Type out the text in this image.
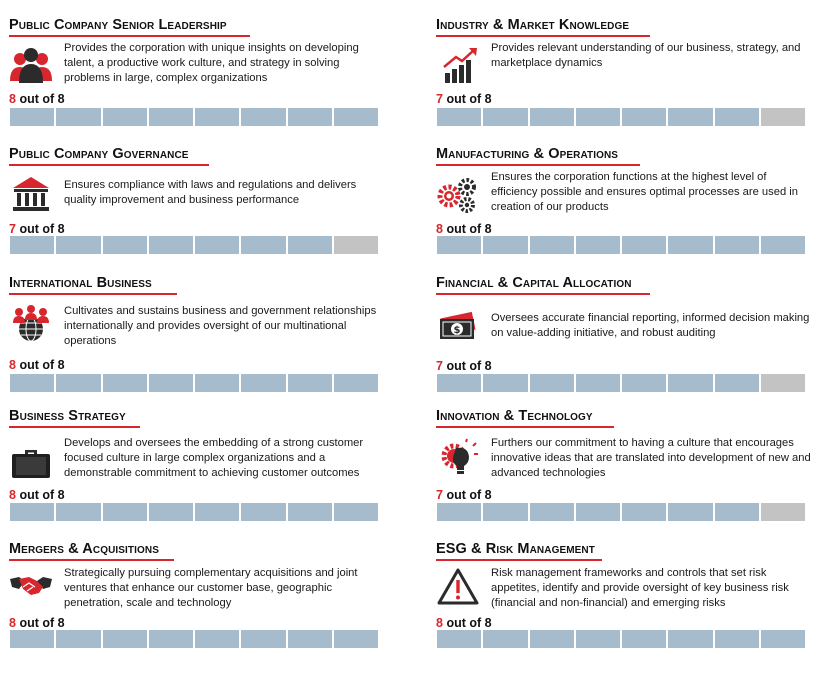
Public Company Senior Leadership
Provides the corporation with unique insights on developing talent, a productive work culture, and strategy in solving problems in large, complex organizations
8 out of 8
Industry & Market Knowledge
Provides relevant understanding of our business, strategy, and marketplace dynamics
7 out of 8
Public Company Governance
Ensures compliance with laws and regulations and delivers quality improvement and business performance
7 out of 8
Manufacturing & Operations
Ensures the corporation functions at the highest level of efficiency possible and ensures optimal processes are used in creation of our products
8 out of 8
International Business
Cultivates and sustains business and government relationships internationally and provides oversight of our multinational operations
8 out of 8
Financial & Capital Allocation
$
Oversees accurate financial reporting, informed decision making on value-adding initiative, and robust auditing
7 out of 8
Business Strategy
Develops and oversees the embedding of a strong customer focused culture in large complex organizations and a demonstrable commitment to achieving customer outcomes
8 out of 8
Innovation & Technology
Furthers our commitment to having a culture that encourages innovative ideas that are translated into development of new and advanced technologies
7 out of 8
Mergers & Acquisitions
Strategically pursuing complementary acquisitions and joint ventures that enhance our customer base, geographic penetration, scale and technology
8 out of 8
ESG & Risk Management
Risk management frameworks and controls that set risk appetites, identify and provide oversight of key business risk (financial and non-financial) and emerging risks
8 out of 8
